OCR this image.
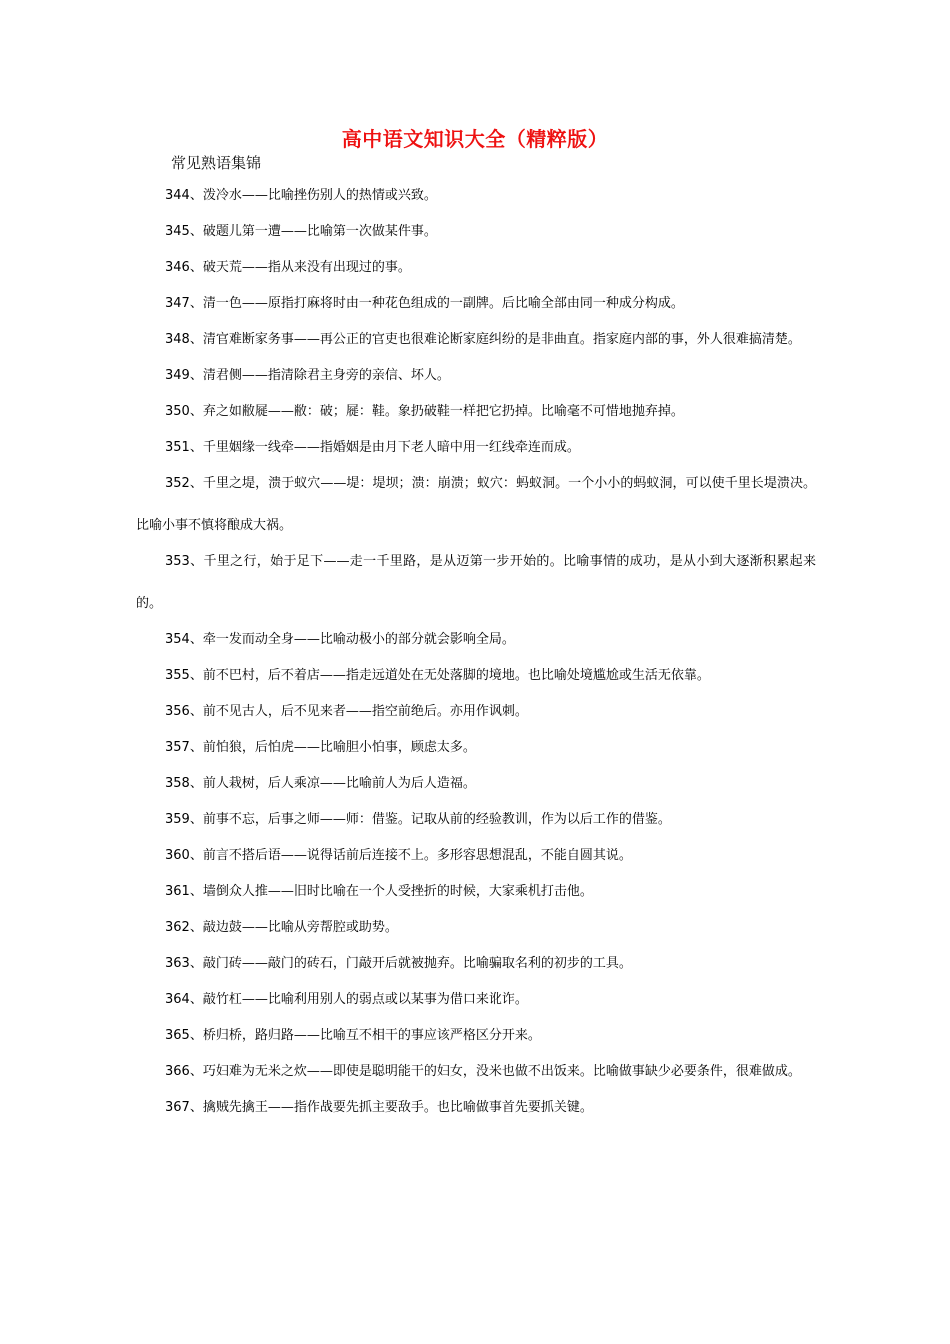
高中语文知识大全（精粹版）
常见熟语集锦

344、泼冷水——比喻挫伤别人的热情或兴致。

345、破题儿第一遭——比喻第一次做某件事。

346、破天荒——指从来没有出现过的事。

347、清一色——原指打麻将时由一种花色组成的一副牌。后比喻全部由同一种成分构成。

348、清官难断家务事——再公正的官吏也很难论断家庭纠纷的是非曲直。指家庭内部的事，外人很难搞清楚。

349、清君侧——指清除君主身旁的亲信、坏人。

350、弃之如敝屣——敝：破；屣：鞋。象扔破鞋一样把它扔掉。比喻毫不可惜地抛弃掉。

351、千里姻缘一线牵——指婚姻是由月下老人暗中用一红线牵连而成。

352、千里之堤，溃于蚁穴——堤：堤坝；溃：崩溃；蚁穴：蚂蚁洞。一个小小的蚂蚁洞，可以使千里长堤溃决。比喻小事不慎将酿成大祸。

353、千里之行，始于足下——走一千里路，是从迈第一步开始的。比喻事情的成功，是从小到大逐渐积累起来的。

354、牵一发而动全身——比喻动极小的部分就会影响全局。

355、前不巴村，后不着店——指走远道处在无处落脚的境地。也比喻处境尴尬或生活无依靠。

356、前不见古人，后不见来者——指空前绝后。亦用作讽刺。

357、前怕狼，后怕虎——比喻胆小怕事，顾虑太多。

358、前人栽树，后人乘凉——比喻前人为后人造福。

359、前事不忘，后事之师——师：借鉴。记取从前的经验教训，作为以后工作的借鉴。

360、前言不搭后语——说得话前后连接不上。多形容思想混乱，不能自圆其说。

361、墙倒众人推——旧时比喻在一个人受挫折的时候，大家乘机打击他。

362、敲边鼓——比喻从旁帮腔或助势。

363、敲门砖——敲门的砖石，门敲开后就被抛弃。比喻骗取名利的初步的工具。

364、敲竹杠——比喻利用别人的弱点或以某事为借口来讹诈。

365、桥归桥，路归路——比喻互不相干的事应该严格区分开来。

366、巧妇难为无米之炊——即使是聪明能干的妇女，没米也做不出饭来。比喻做事缺少必要条件，很难做成。

367、擒贼先擒王——指作战要先抓主要敌手。也比喻做事首先要抓关键。
